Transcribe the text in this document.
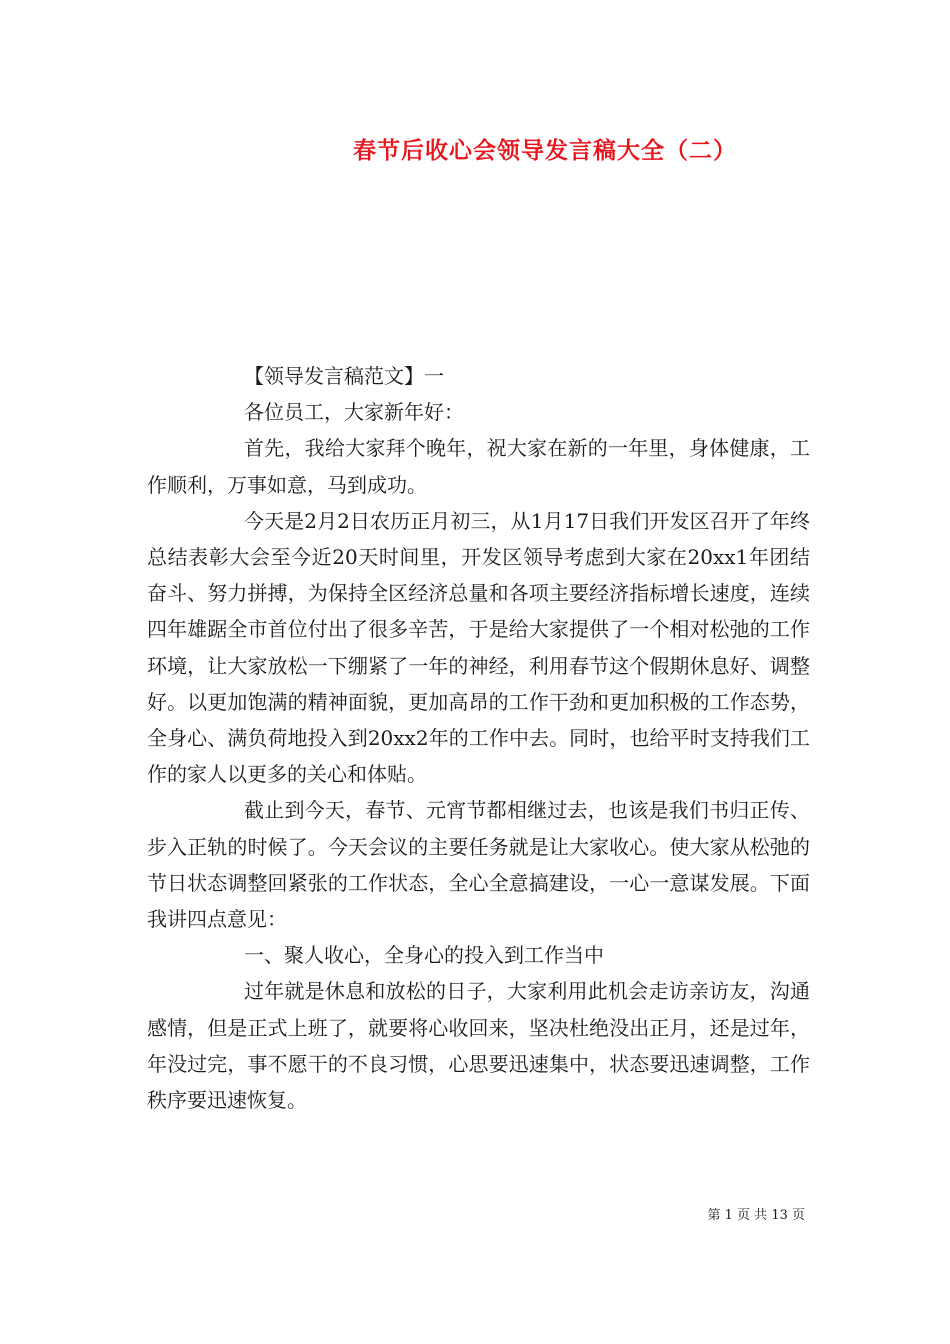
春节后收心会领导发言稿大全（二）

【领导发言稿范文】一

各位员工，大家新年好：

首先，我给大家拜个晚年，祝大家在新的一年里，身体健康，工作顺利，万事如意，马到成功。

今天是2月2日农历正月初三，从1月17日我们开发区召开了年终总结表彰大会至今近20天时间里，开发区领导考虑到大家在20xx1年团结奋斗、努力拼搏，为保持全区经济总量和各项主要经济指标增长速度，连续四年雄踞全市首位付出了很多辛苦，于是给大家提供了一个相对松弛的工作环境，让大家放松一下绷紧了一年的神经，利用春节这个假期休息好、调整好。以更加饱满的精神面貌，更加高昂的工作干劲和更加积极的工作态势，全身心、满负荷地投入到20xx2年的工作中去。同时，也给平时支持我们工作的家人以更多的关心和体贴。

截止到今天，春节、元宵节都相继过去，也该是我们书归正传、步入正轨的时候了。今天会议的主要任务就是让大家收心。使大家从松弛的节日状态调整回紧张的工作状态，全心全意搞建设，一心一意谋发展。下面我讲四点意见：

一、聚人收心，全身心的投入到工作当中

过年就是休息和放松的日子，大家利用此机会走访亲访友，沟通感情，但是正式上班了，就要将心收回来，坚决杜绝没出正月，还是过年，年没过完，事不愿干的不良习惯，心思要迅速集中，状态要迅速调整，工作秩序要迅速恢复。

第 1 页 共 13 页
